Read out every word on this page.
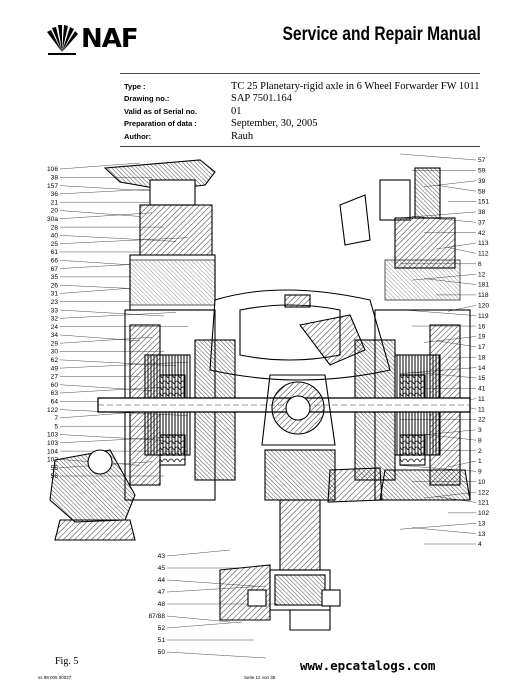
NAF	Service and Repair Manual
Type :	TC 25 Planetary-rigid axle in 6 Wheel Forwarder FW 1011
Drawing no.:	SAP 7501.164
Valid as of Serial no.	01
Preparation of data :	September, 30, 2005
Author:	Rauh
106
38
157
36
21
20
30a
28
40
25
61
66
67
35
26
31
23
33
32
24
34
29
30
62
49
27
60
63
64
122
7
5
103
103
104
102
55
56
57
59
39
58
151
38
37
42
113
112
6
12
181
118
120
119
16
19
17
18
14
15
41
11
11
22
3
8
2
1
9
10
122
121
102
13
13
4
43
45
44
47
48
87/88
52
51
50
Fig. 5
ss 99 005 00027	Seite 12 von 38
www.epcatalogs.com
